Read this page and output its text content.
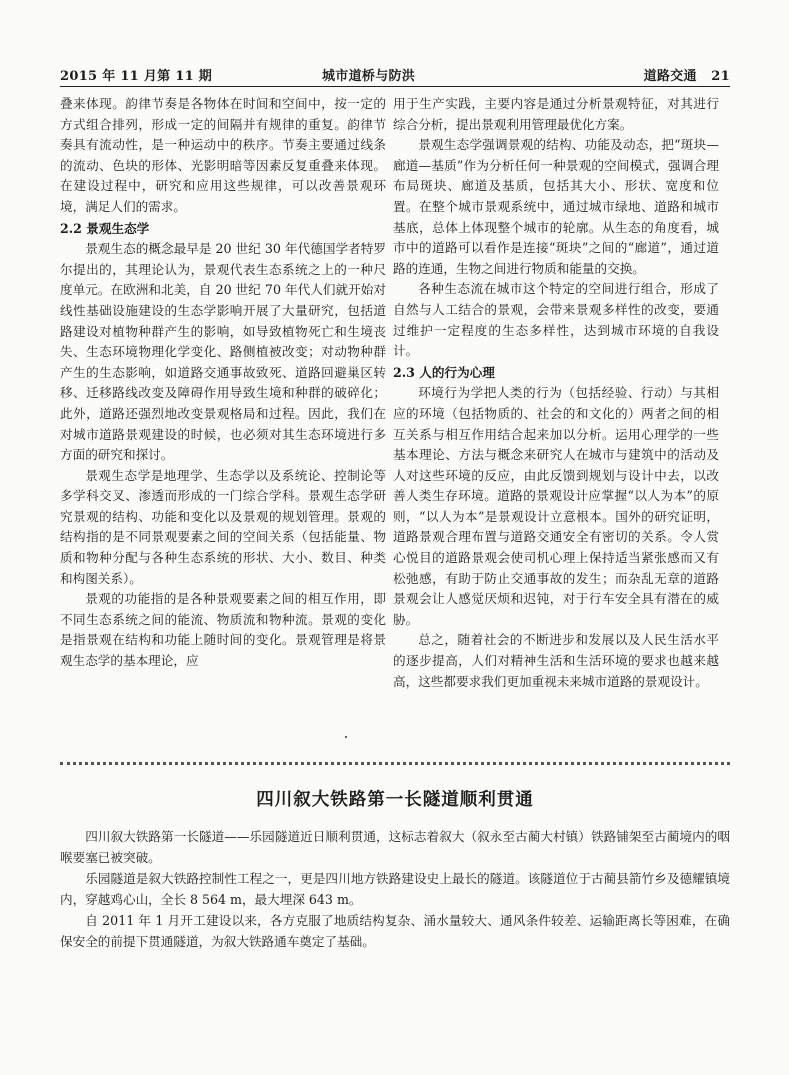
2015 年 11 月第 11 期	城市道桥与防洪	道路交通 21

叠来体现。韵律节奏是各物体在时间和空间中，按一定的方式组合排列，形成一定的间隔并有规律的重复。韵律节奏具有流动性，是一种运动中的秩序。节奏主要通过线条的流动、色块的形体、光影明暗等因素反复重叠来体现。在建设过程中，研究和应用这些规律，可以改善景观环境，满足人们的需求。

2.2 景观生态学

景观生态的概念最早是 20 世纪 30 年代德国学者特罗尔提出的，其理论认为，景观代表生态系统之上的一种尺度单元。在欧洲和北美，自 20 世纪 70 年代人们就开始对线性基础设施建设的生态学影响开展了大量研究，包括道路建设对植物种群产生的影响，如导致植物死亡和生境丧失、生态环境物理化学变化、路侧植被改变；对动物种群产生的生态影响，如道路交通事故致死、道路回避巢区转移、迁移路线改变及障碍作用导致生境和种群的破碎化；此外，道路还强烈地改变景观格局和过程。因此，我们在对城市道路景观建设的时候，也必须对其生态环境进行多方面的研究和探讨。

景观生态学是地理学、生态学以及系统论、控制论等多学科交叉、渗透而形成的一门综合学科。景观生态学研究景观的结构、功能和变化以及景观的规划管理。景观的结构指的是不同景观要素之间的空间关系（包括能量、物质和物种分配与各种生态系统的形状、大小、数目、种类和构图关系）。

景观的功能指的是各种景观要素之间的相互作用，即不同生态系统之间的能流、物质流和物种流。景观的变化是指景观在结构和功能上随时间的变化。景观管理是将景观生态学的基本理论，应

用于生产实践，主要内容是通过分析景观特征，对其进行综合分析，提出景观利用管理最优化方案。

景观生态学强调景观的结构、功能及动态，把“斑块—廊道—基质”作为分析任何一种景观的空间模式，强调合理布局斑块、廊道及基质，包括其大小、形状、宽度和位置。在整个城市景观系统中，通过城市绿地、道路和城市基底，总体上体现整个城市的轮廓。从生态的角度看，城市中的道路可以看作是连接“斑块”之间的“廊道”，通过道路的连通，生物之间进行物质和能量的交换。

各种生态流在城市这个特定的空间进行组合，形成了自然与人工结合的景观，会带来景观多样性的改变，要通过维护一定程度的生态多样性，达到城市环境的自我设计。

2.3 人的行为心理

环境行为学把人类的行为（包括经验、行动）与其相应的环境（包括物质的、社会的和文化的）两者之间的相互关系与相互作用结合起来加以分析。运用心理学的一些基本理论、方法与概念来研究人在城市与建筑中的活动及人对这些环境的反应，由此反馈到规划与设计中去，以改善人类生存环境。道路的景观设计应掌握“以人为本”的原则，“以人为本”是景观设计立意根本。国外的研究证明，道路景观合理布置与道路交通安全有密切的关系。令人赏心悦目的道路景观会使司机心理上保持适当紧张感而又有松弛感，有助于防止交通事故的发生；而杂乱无章的道路景观会让人感觉厌烦和迟钝，对于行车安全具有潜在的威胁。

总之，随着社会的不断进步和发展以及人民生活水平的逐步提高，人们对精神生活和生活环境的要求也越来越高，这些都要求我们更加重视未来城市道路的景观设计。

四川叙大铁路第一长隧道顺利贯通

四川叙大铁路第一长隧道——乐园隧道近日顺利贯通，这标志着叙大（叙永至古蔺大村镇）铁路铺架至古蔺境内的咽喉要塞已被突破。

乐园隧道是叙大铁路控制性工程之一，更是四川地方铁路建设史上最长的隧道。该隧道位于古蔺县箭竹乡及德耀镇境内，穿越鸡心山，全长 8 564 m，最大埋深 643 m。

自 2011 年 1 月开工建设以来，各方克服了地质结构复杂、涌水量较大、通风条件较差、运输距离长等困难，在确保安全的前提下贯通隧道，为叙大铁路通车奠定了基础。
